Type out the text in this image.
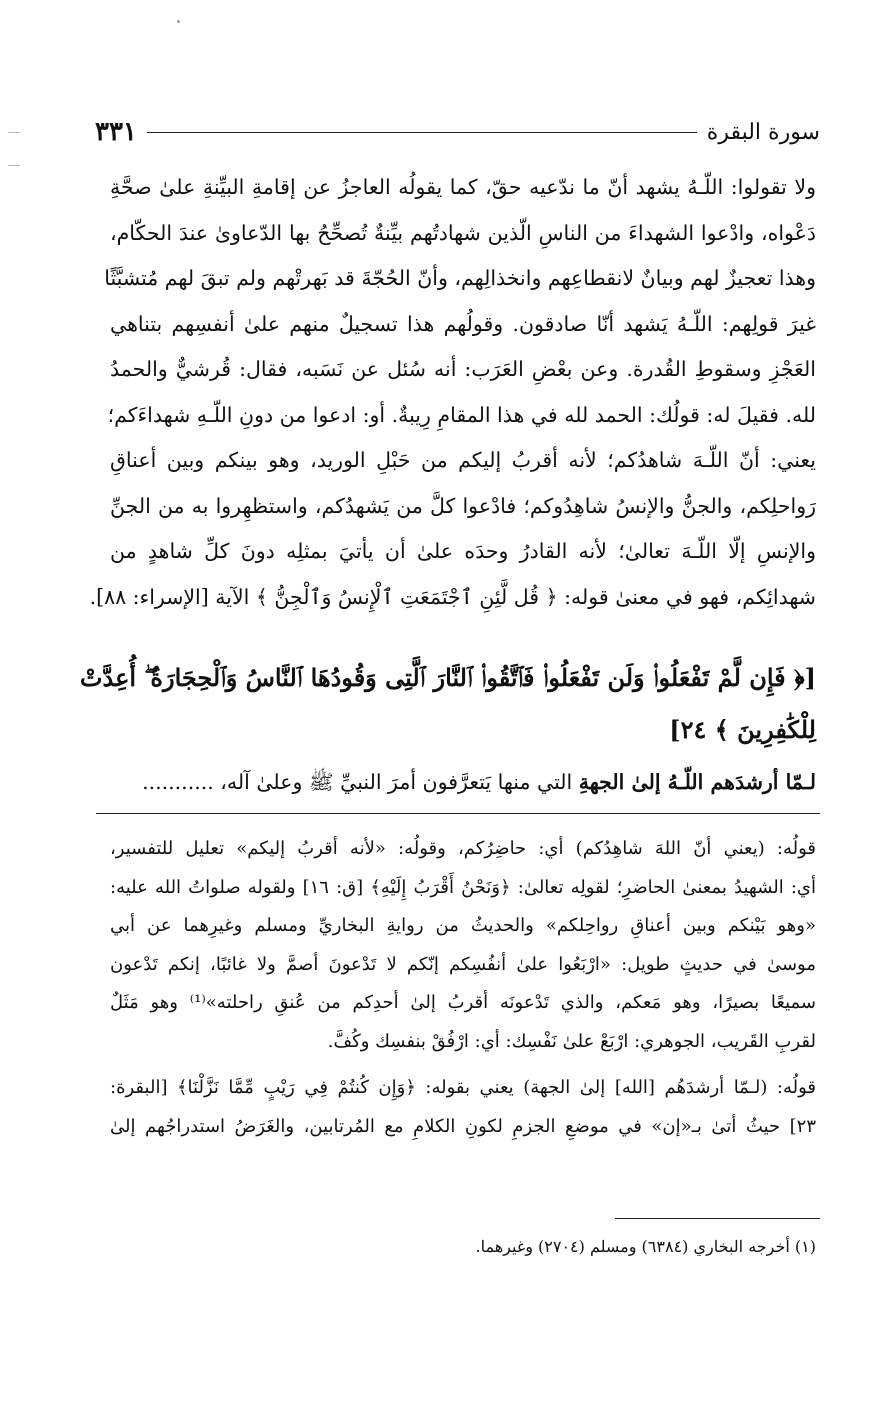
سورة البقرة
٣٣١
ولا تقولوا: اللّـهُ يشهد أنّ ما ندّعيه حقّ، كما يقولُه العاجزُ عن إقامةِ البيِّنةِ علىٰ صحَّةِ
دَعْواه، وادْعوا الشهداءَ من الناسِ الّذين شهادتُهم بيِّنةٌ تُصحِّحُ بها الدّعاوىٰ عندَ الحكّام،
وهذا تعجيزٌ لهم وبيانٌ لانقطاعِهم وانخذالِهم، وأنّ الحُجّةَ قد بَهرتْهم ولم تبقَ لهم مُتشبَّثًا
غيرَ قولِهم: اللّـهُ يَشهد أنّا صادقون. وقولُهم هذا تسجيلٌ منهم علىٰ أنفسِهم بتناهي
العَجْزِ وسقوطِ القُدرة. وعن بعْضِ العَرَب: أنه سُئل عن نَسَبه، فقال: قُرشيٌّ والحمدُ
لله. فقيلَ له: قولُك: الحمد لله في هذا المقامِ رِيبةٌ. أو: ادعوا من دونِ اللّـهِ شهداءَكم؛
يعني: أنّ اللّـهَ شاهدُكم؛ لأنه أقربُ إليكم من حَبْلِ الوريد، وهو بينكم وبين أعناقِ
رَواحلِكم، والجنُّ والإنسُ شاهِدُوكم؛ فادْعوا كلَّ من يَشهدُكم، واستظهِروا به من الجنِّ
والإنسِ إلّا اللّـهَ تعالىٰ؛ لأنه القادرُ وحدَه علىٰ أن يأتيَ بمثلِه دونَ كلِّ شاهدٍ من
شهدائِكم، فهو في معنىٰ قوله: ﴿ قُل لَّئِنِ ٱجْتَمَعَتِ ٱلْإِنسُ وَٱلْجِنُّ ﴾ الآية [الإسراء: ٨٨].
[﴿ فَإِن لَّمْ تَفْعَلُوا۟ وَلَن تَفْعَلُوا۟ فَٱتَّقُوا۟ ٱلنَّارَ ٱلَّتِى وَقُودُهَا ٱلنَّاسُ وَٱلْحِجَارَةُ ۖ أُعِدَّتْ
لِلْكَٰفِرِينَ ﴾ ٢٤]
لـمّا أرشدَهم اللّـهُ إلىٰ الجهةِ التي منها يَتعرَّفون أمرَ النبيِّ ﷺ وعلىٰ آله، ...........
قولُه: (يعني أنّ اللهَ شاهِدُكم) أي: حاضِرُكم، وقولُه: «لأنه أقربُ إليكم» تعليل للتفسير،
أي: الشهيدُ بمعنىٰ الحاضرِ؛ لقولِه تعالىٰ: ﴿وَنَحْنُ أَقْرَبُ إِلَيْهِ﴾ [ق: ١٦] ولقوله صلواتُ الله عليه:
«وهو بَيْنكم وبين أعناقِ رواحِلكم» والحديثُ من روايةِ البخاريِّ ومسلم وغيرِهما عن أبي
موسىٰ في حديثٍ طويل: «ارْبَعُوا علىٰ أنفُسِكم إنّكم لا تَدْعونَ أصمَّ ولا غائبًا، إنكم تَدْعون
سميعًا بصيرًا، وهو مَعكم، والذي تَدْعونَه أقربُ إلىٰ أحدِكم من عُنقِ راحلته»⁽¹⁾ وهو مَثَلٌ
لقربِ القَريب، الجوهري: ارْبَعْ علىٰ نَفْسِك: أي: ارْفُقْ بنفسِك وكُفَّ.
قولُه: (لـمّا أرشدَهُم [الله] إلىٰ الجهة) يعني بقوله: ﴿وَإِن كُنتُمْ فِي رَيْبٍ مِّمَّا نَزَّلْنَا﴾ [البقرة:
٢٣] حيثُ أتىٰ بـ«إن» في موضعِ الجزمِ لكونِ الكلامِ مع المُرتابين، والغَرَضُ استدراجُهم إلىٰ
(١) أخرجه البخاري (٦٣٨٤) ومسلم (٢٧٠٤) وغيرهما.
